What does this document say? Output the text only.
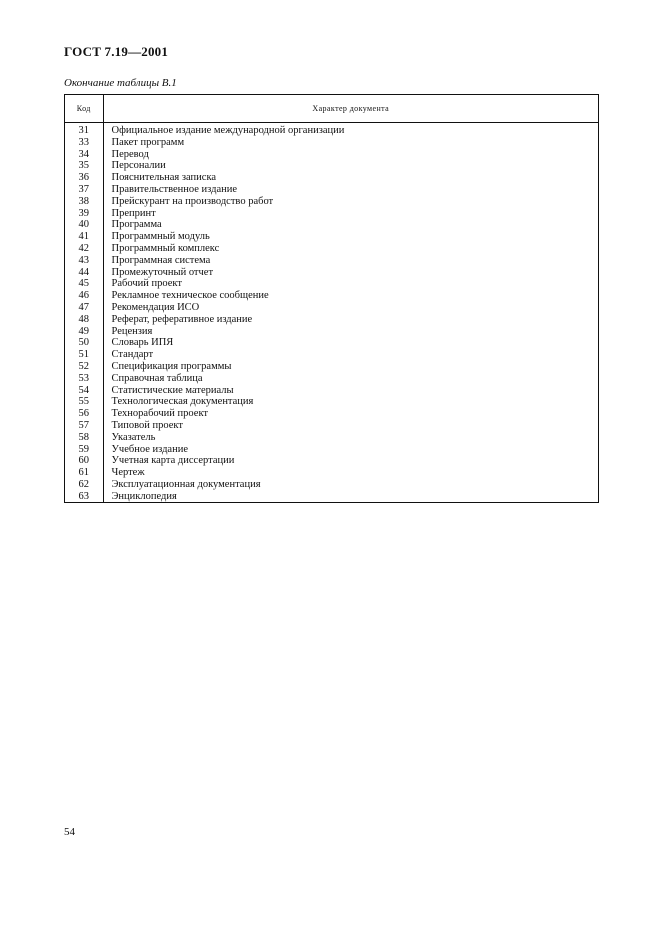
ГОСТ 7.19—2001
Окончание таблицы В.1
Код	Характер документа
31	Официальное издание международной организации
33	Пакет программ
34	Перевод
35	Персоналии
36	Пояснительная записка
37	Правительственное издание
38	Прейскурант на производство работ
39	Препринт
40	Программа
41	Программный модуль
42	Программный комплекс
43	Программная система
44	Промежуточный отчет
45	Рабочий проект
46	Рекламное техническое сообщение
47	Рекомендация ИСО
48	Реферат, реферативное издание
49	Рецензия
50	Словарь ИПЯ
51	Стандарт
52	Спецификация программы
53	Справочная таблица
54	Статистические материалы
55	Технологическая документация
56	Технорабочий проект
57	Типовой проект
58	Указатель
59	Учебное издание
60	Учетная карта диссертации
61	Чертеж
62	Эксплуатационная документация
63	Энциклопедия
54
